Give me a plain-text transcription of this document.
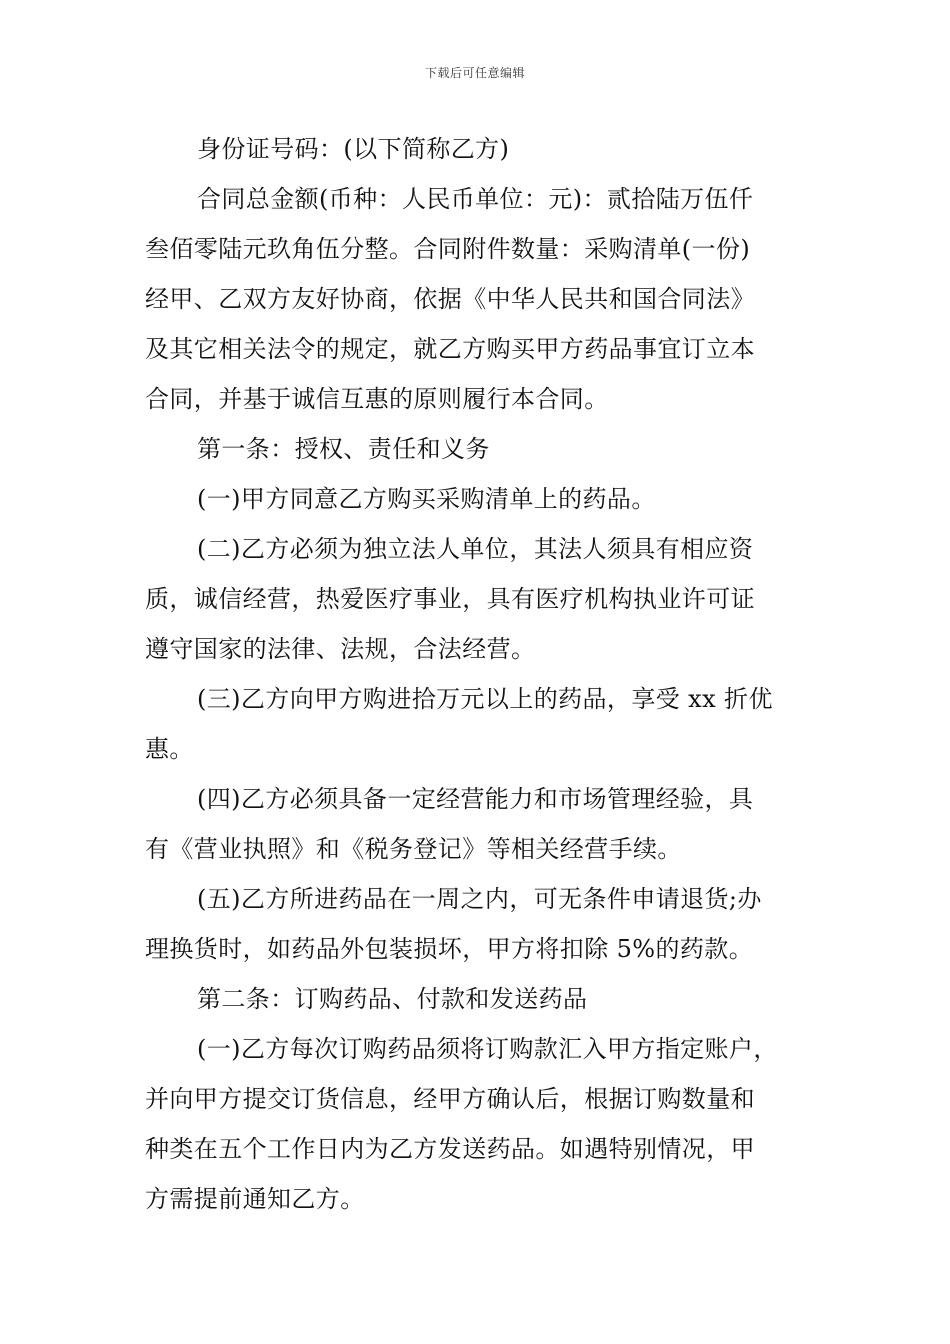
下载后可任意编辑
身份证号码：(以下简称乙方)
合同总金额(币种：人民币单位：元)：贰拾陆万伍仟
叁佰零陆元玖角伍分整。合同附件数量：采购清单(一份)
经甲、乙双方友好协商，依据《中华人民共和国合同法》
及其它相关法令的规定，就乙方购买甲方药品事宜订立本
合同，并基于诚信互惠的原则履行本合同。
第一条：授权、责任和义务
(一)甲方同意乙方购买采购清单上的药品。
(二)乙方必须为独立法人单位，其法人须具有相应资
质，诚信经营，热爱医疗事业，具有医疗机构执业许可证
遵守国家的法律、法规，合法经营。
(三)乙方向甲方购进拾万元以上的药品，享受 xx 折优
惠。
(四)乙方必须具备一定经营能力和市场管理经验，具
有《营业执照》和《税务登记》等相关经营手续。
(五)乙方所进药品在一周之内，可无条件申请退货;办
理换货时，如药品外包装损坏，甲方将扣除 5%的药款。
第二条：订购药品、付款和发送药品
(一)乙方每次订购药品须将订购款汇入甲方指定账户，
并向甲方提交订货信息，经甲方确认后，根据订购数量和
种类在五个工作日内为乙方发送药品。如遇特别情况，甲
方需提前通知乙方。
